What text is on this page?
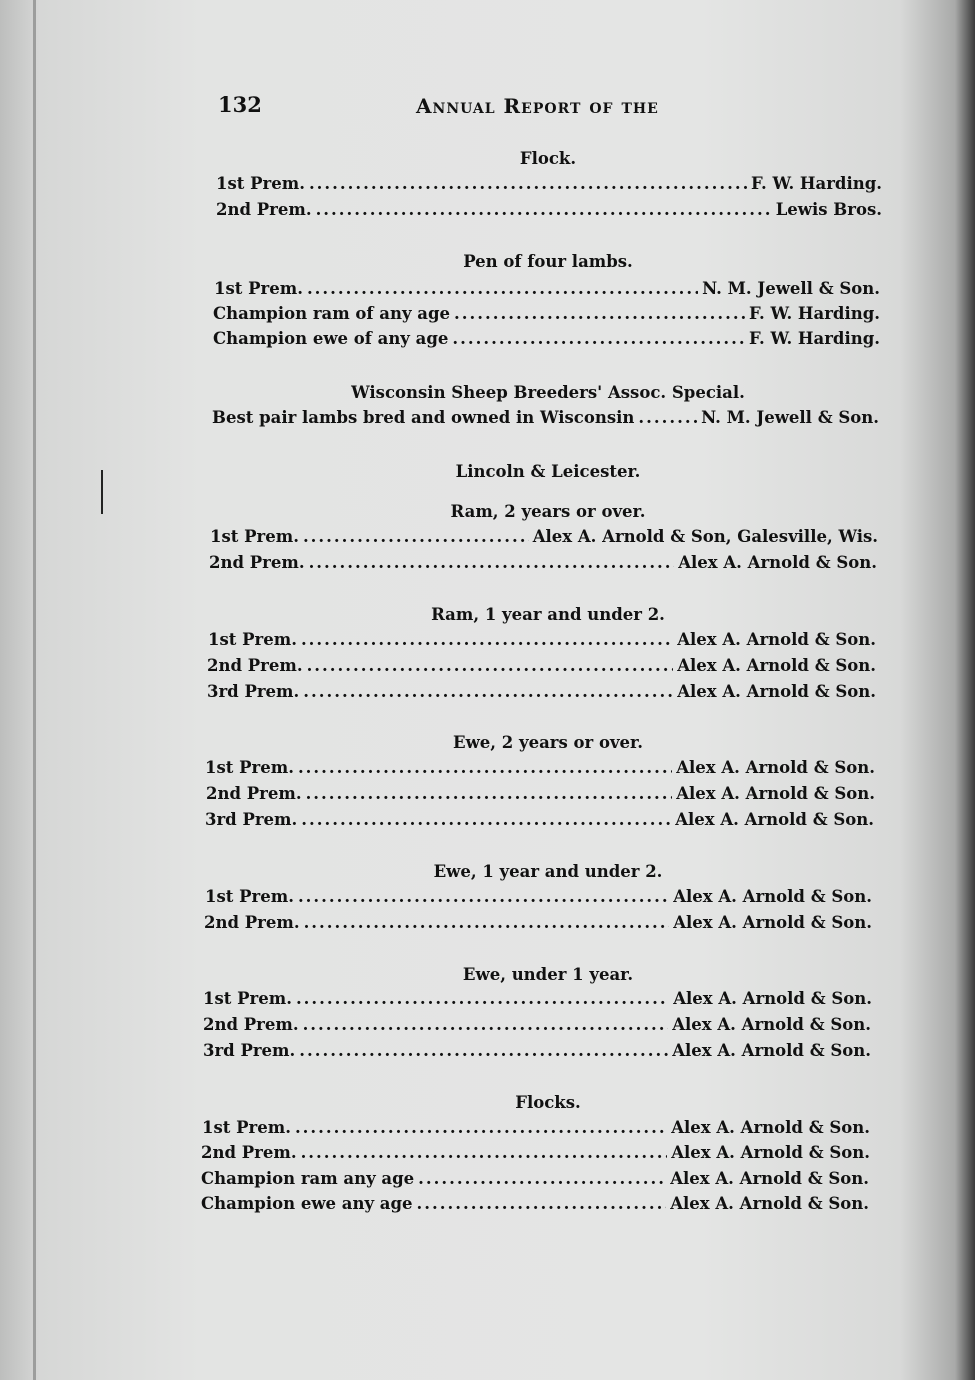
132	Annual Report of the
Flock.
1st Prem. .....	F. W. Harding.
2nd Prem. .....	Lewis Bros.
Pen of four lambs.
1st Prem. .....	N. M. Jewell & Son.
Champion ram of any age .....	F. W. Harding.
Champion ewe of any age .....	F. W. Harding.
Wisconsin Sheep Breeders' Assoc. Special.
Best pair lambs bred and owned in Wisconsin .....	N. M. Jewell & Son.
Lincoln & Leicester.
Ram, 2 years or over.
1st Prem. .....	Alex A. Arnold & Son, Galesville, Wis.
2nd Prem. .....	Alex A. Arnold & Son.
Ram, 1 year and under 2.
1st Prem. .....	Alex A. Arnold & Son.
2nd Prem. .....	Alex A. Arnold & Son.
3rd Prem. .....	Alex A. Arnold & Son.
Ewe, 2 years or over.
1st Prem. .....	Alex A. Arnold & Son.
2nd Prem. .....	Alex A. Arnold & Son.
3rd Prem. .....	Alex A. Arnold & Son.
Ewe, 1 year and under 2.
1st Prem. .....	Alex A. Arnold & Son.
2nd Prem. .....	Alex A. Arnold & Son.
Ewe, under 1 year.
1st Prem. .....	Alex A. Arnold & Son.
2nd Prem. .....	Alex A. Arnold & Son.
3rd Prem. .....	Alex A. Arnold & Son.
Flocks.
1st Prem. .....	Alex A. Arnold & Son.
2nd Prem. .....	Alex A. Arnold & Son.
Champion ram any age .....	Alex A. Arnold & Son.
Champion ewe any age .....	Alex A. Arnold & Son.
